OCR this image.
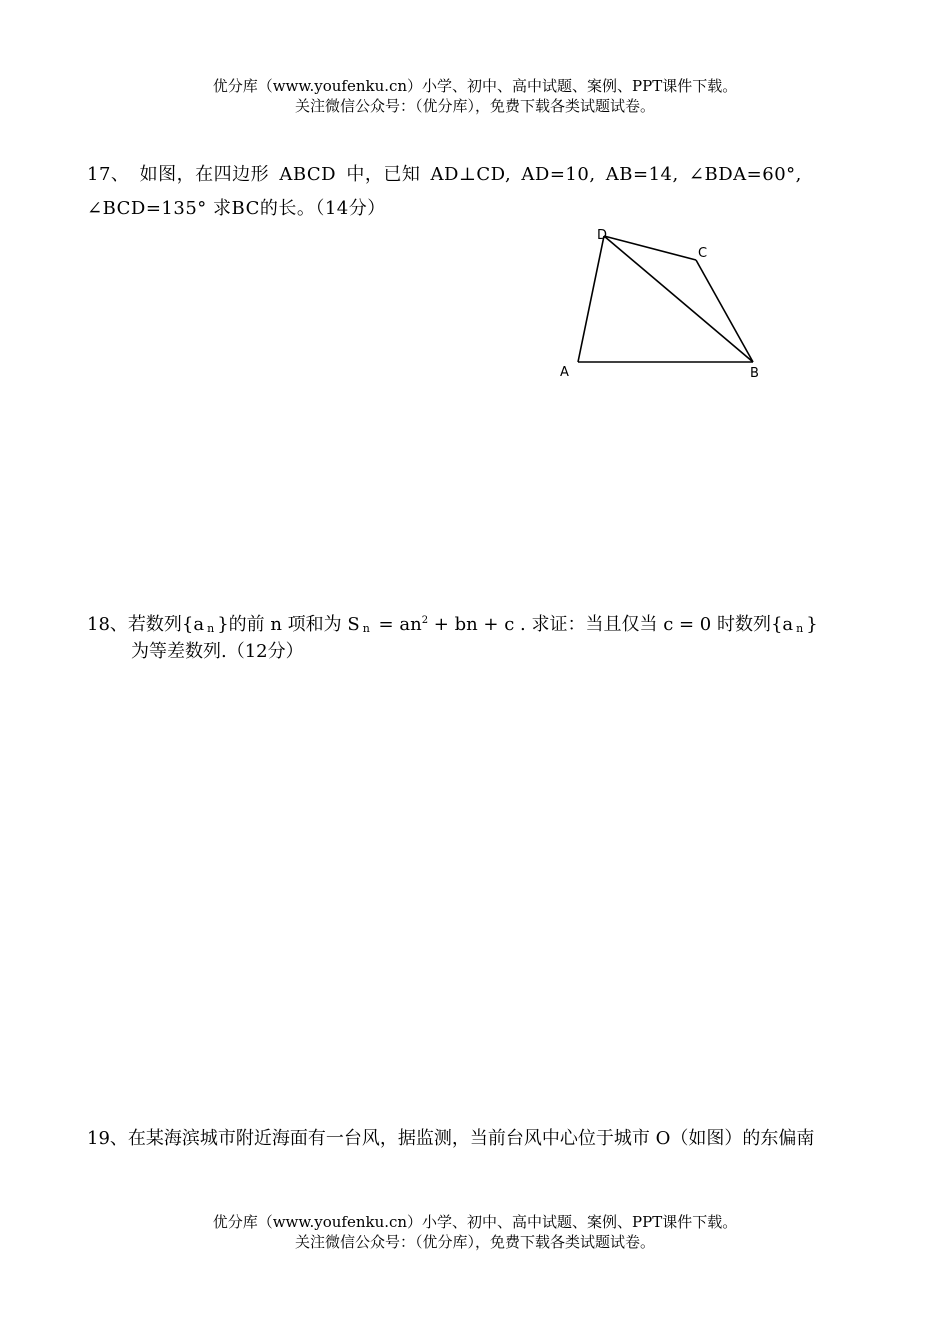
优分库（www.youfenku.cn）小学、初中、高中试题、案例、PPT课件下载。
关注微信公众号：（优分库），免费下载各类试题试卷。
17、 如图，在四边形 ABCD 中，已知 AD⊥CD, AD=10, AB=14, ∠BDA=60°,
∠BCD=135° 求BC的长。（14分）
A	B
C
D
18、若数列{a n }的前 n 项和为 S $n = an^2$ + bn + c . 求证：当且仅当 c = 0 时数列{a n }
为等差数列.（12分）
19、在某海滨城市附近海面有一台风，据监测，当前台风中心位于城市 O（如图）的东偏南
优分库（www.youfenku.cn）小学、初中、高中试题、案例、PPT课件下载。
关注微信公众号：（优分库），免费下载各类试题试卷。
